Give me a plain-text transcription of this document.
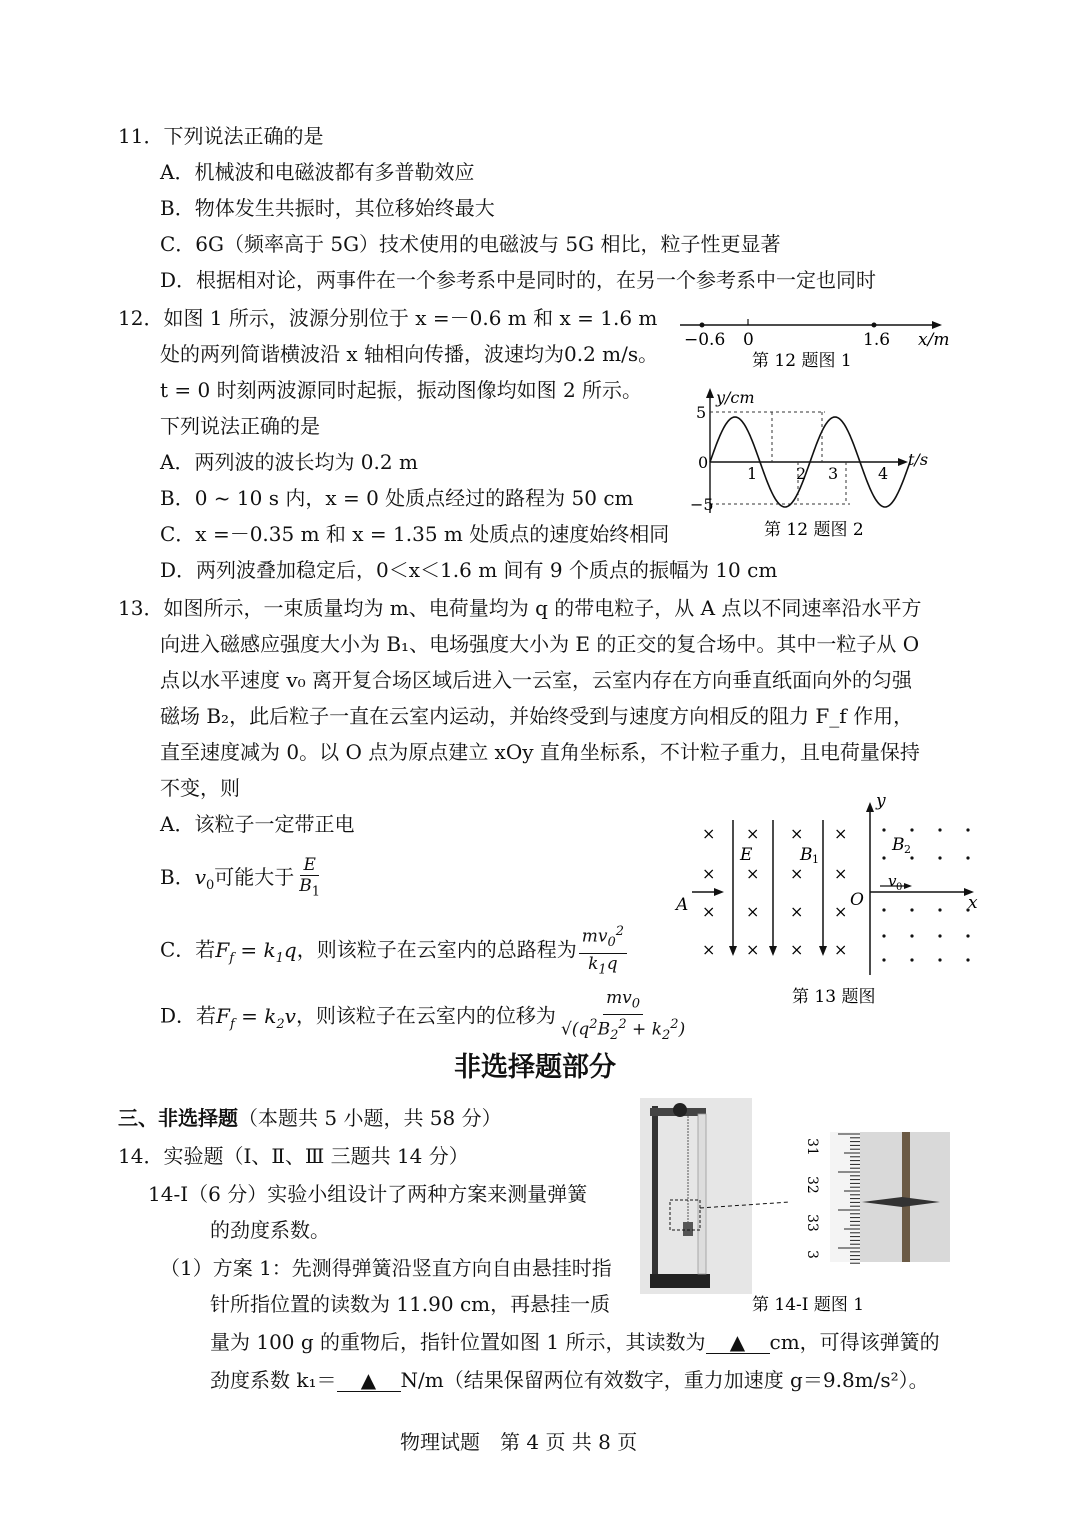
11．下列说法正确的是
A．机械波和电磁波都有多普勒效应
B．物体发生共振时，其位移始终最大
C．6G（频率高于 5G）技术使用的电磁波与 5G 相比，粒子性更显著
D．根据相对论，两事件在一个参考系中是同时的，在另一个参考系中一定也同时
12．如图 1 所示，波源分别位于 x =－0.6 m 和 x = 1.6 m
处的两列简谐横波沿 x 轴相向传播，波速均为0.2 m/s。
t = 0 时刻两波源同时起振，振动图像均如图 2 所示。
下列说法正确的是
A．两列波的波长均为 0.2 m
B．0 ~ 10 s 内，x = 0 处质点经过的路程为 50 cm
C．x =－0.35 m 和 x = 1.35 m 处质点的速度始终相同
D．两列波叠加稳定后，0＜x＜1.6 m 间有 9 个质点的振幅为 10 cm
−0.6 0	1.6 x/m
第 12 题图 1
y/cm
t/s
5
0
−5
1 2 3 4
第 12 题图 2
13．如图所示，一束质量均为 m、电荷量均为 q 的带电粒子，从 A 点以不同速率沿水平方
向进入磁感应强度大小为 B₁、电场强度大小为 E 的正交的复合场中。其中一粒子从 O
点以水平速度 v₀ 离开复合场区域后进入一云室，云室内存在方向垂直纸面向外的匀强
磁场 B₂，此后粒子一直在云室内运动，并始终受到与速度方向相反的阻力 F_f 作用，
直至速度减为 0。以 O 点为原点建立 xOy 直角坐标系，不计粒子重力，且电荷量保持
不变，则
A．该粒子一定带正电
B．$v_0$可能大于 $\frac{E}{B_1}$
C．若$F_f = k_1q$，则该粒子在云室内的总路程为 $\frac{mv_0^2}{k_1q}$
D．若$F_f = k_2v$，则该粒子在云室内的位移为 $\frac{mv_0}{√(q^2B_2^2 + k_2^2)}$
×
×
×
×
×
×
×
×
×
×
×
×
×
×
×
×
E	B 1
B 2
v 0
A	O	x
y
第 13 题图
非选择题部分
三、非选择题（本题共 5 小题，共 58 分）
14．实验题（Ⅰ、Ⅱ、Ⅲ 三题共 14 分）
14-I（6 分）实验小组设计了两种方案来测量弹簧
的劲度系数。
（1）方案 1：先测得弹簧沿竖直方向自由悬挂时指
针所指位置的读数为 11.90 cm，再悬挂一质
量为 100 g 的重物后，指针位置如图 1 所示，其读数为 ▲ cm，可得该弹簧的
劲度系数 k₁＝ ▲ N/m（结果保留两位有效数字，重力加速度 g＝9.8m/s²）。
31
32
33
3
第 14-I 题图 1
物理试题　第 4 页 共 8 页
